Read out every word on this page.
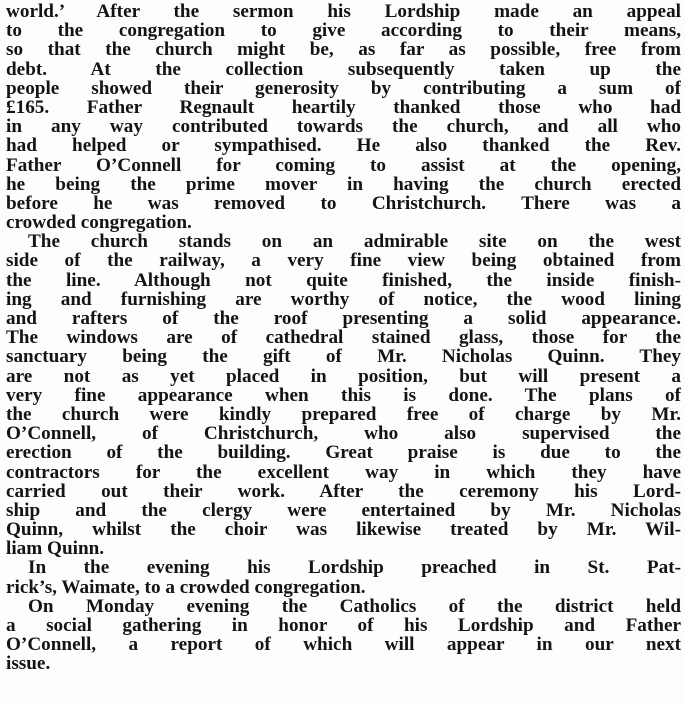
world.’ After the sermon his Lordship made an appeal
to the congregation to give according to their means,
so that the church might be, as far as possible, free from
debt. At the collection subsequently taken up the
people showed their generosity by contributing a sum of
£165. Father Regnault heartily thanked those who had
in any way contributed towards the church, and all who
had helped or sympathised. He also thanked the Rev.
Father O’Connell for coming to assist at the opening,
he being the prime mover in having the church erected
before he was removed to Christchurch. There was a
crowded congregation.
The church stands on an admirable site on the west
side of the railway, a very fine view being obtained from
the line. Although not quite finished, the inside finish-
ing and furnishing are worthy of notice, the wood lining
and rafters of the roof presenting a solid appearance.
The windows are of cathedral stained glass, those for the
sanctuary being the gift of Mr. Nicholas Quinn. They
are not as yet placed in position, but will present a
very fine appearance when this is done. The plans of
the church were kindly prepared free of charge by Mr.
O’Connell, of Christchurch, who also supervised the
erection of the building. Great praise is due to the
contractors for the excellent way in which they have
carried out their work. After the ceremony his Lord-
ship and the clergy were entertained by Mr. Nicholas
Quinn, whilst the choir was likewise treated by Mr. Wil-
liam Quinn.
In the evening his Lordship preached in St. Pat-
rick’s, Waimate, to a crowded congregation.
On Monday evening the Catholics of the district held
a social gathering in honor of his Lordship and Father
O’Connell, a report of which will appear in our next
issue.
